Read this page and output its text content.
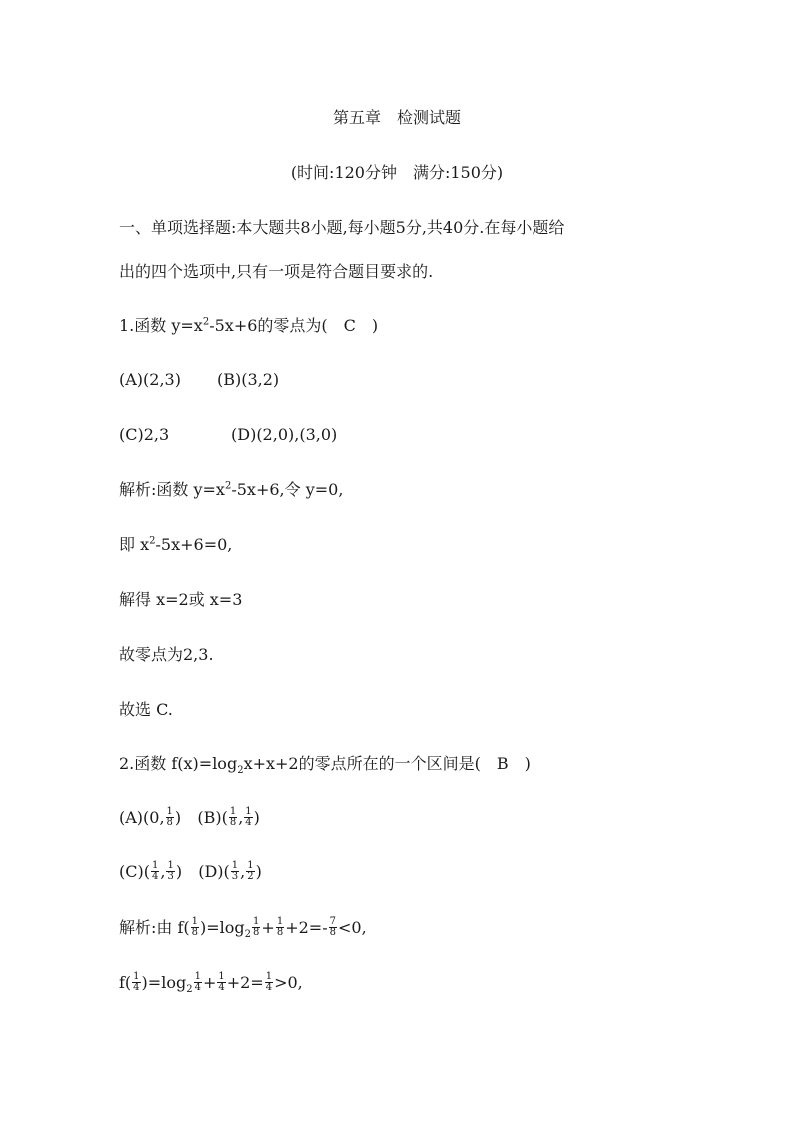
第五章　检测试题
(时间:120分钟　满分:150分)
一、单项选择题:本大题共8小题,每小题5分,共40分.在每小题给
出的四个选项中,只有一项是符合题目要求的.
1.函数 $y=x^2-5x+6$的零点为(　C　)
(A)(2,3) (B)(3,2)
(C)2,3	(D)(2,0),(3,0)
解析:函数 $y=x^2-5x+6$,令 y=0,
即 $x^2-5x+6=0$,
解得 x=2或 x=3
故零点为2,3.
故选 C.
2.函数 $f(x)=\log_2x+x+2$的零点所在的一个区间是(　B　)
(A)(0, $\frac{1}{8}$ )  $(B)( \frac{1}{8}$ , $\frac{1}{4}$ )
$(C)( \frac{1}{4}$ , $\frac{1}{3}$ )  $(D)( \frac{1}{3}$ , $\frac{1}{2}$ )
解析:由 $f( \frac{1}{8} )=\log_2 \frac{1}{8} + \frac{1}{8} +2=- \frac{7}{8} <0$,
$f( \frac{1}{4} )=\log_2 \frac{1}{4} + \frac{1}{4} +2= \frac{1}{4} >0$,
